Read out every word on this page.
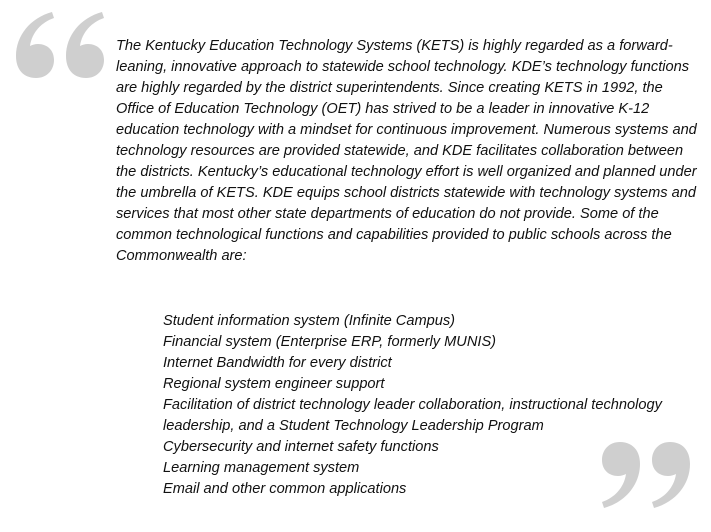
The Kentucky Education Technology Systems (KETS) is highly regarded as a forward-leaning, innovative approach to statewide school technology. KDE’s technology functions are highly regarded by the district superintendents. Since creating KETS in 1992, the Office of Education Technology (OET) has strived to be a leader in innovative K-12 education technology with a mindset for continuous improvement. Numerous systems and technology resources are provided statewide, and KDE facilitates collaboration between the districts. Kentucky’s educational technology effort is well organized and planned under the umbrella of KETS. KDE equips school districts statewide with technology systems and services that most other state departments of education do not provide. Some of the common technological functions and capabilities provided to public schools across the Commonwealth are:

Student information system (Infinite Campus)
Financial system (Enterprise ERP, formerly MUNIS)
Internet Bandwidth for every district
Regional system engineer support
Facilitation of district technology leader collaboration, instructional technology leadership, and a Student Technology Leadership Program
Cybersecurity and internet safety functions
Learning management system
Email and other common applications
